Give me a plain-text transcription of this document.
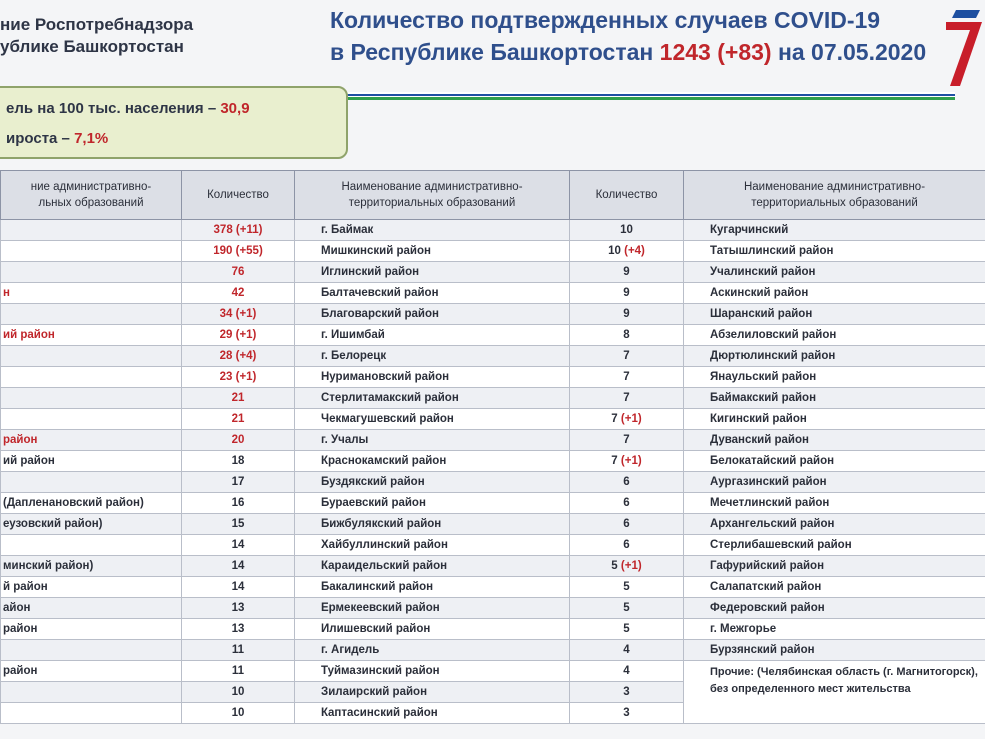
ние Роспотребнадзора
ублике Башкортостан
Количество подтвержденных случаев COVID-19
в Республике Башкортостан 1243 (+83) на 07.05.2020
ель на 100 тыс. населения – 30,9
ироста – 7,1%
ние административно-
льных образований	Количество	Наименование административно-
территориальных образований	Количество	Наименование административно-
территориальных образований
	378 (+11)	г. Баймак	10	Кугарчинский
	190 (+55)	Мишкинский район	10 (+4)	Татышлинский район
	76	Иглинский район	9	Учалинский район
н	42	Балтачевский район	9	Аскинский район
	34 (+1)	Благоварский район	9	Шаранский район
ий район	29 (+1)	г. Ишимбай	8	Абзелиловский район
	28 (+4)	г. Белорецк	7	Дюртюлинский район
	23 (+1)	Нуримановский район	7	Янаульский район
	21	Стерлитамакский район	7	Баймакский район
	21	Чекмагушевский район	7 (+1)	Кигинский район
район	20	г. Учалы	7	Дуванский район
ий район	18	Краснокамский район	7 (+1)	Белокатайский район
	17	Буздякский район	6	Аургазинский район
(Дапленановский район)	16	Бураевский район	6	Мечетлинский район
еузовский район)	15	Бижбулякский район	6	Архангельский район
	14	Хайбуллинский район	6	Стерлибашевский район
минский район)	14	Караидельский район	5 (+1)	Гафурийский район
й район	14	Бакалинский район	5	Салапатский район
айон	13	Ермекеевский район	5	Федеровский район
район	13	Илишевский район	5	г. Межгорье
	11	г. Агидель	4	Бурзянский район
район	11	Туймазинский район	4	Прочие: (Челябинская область (г. Магнитогорск), без определенного мест жительства
	10	Зилаирский район	3	
	10	Кaптасинский район	3	
